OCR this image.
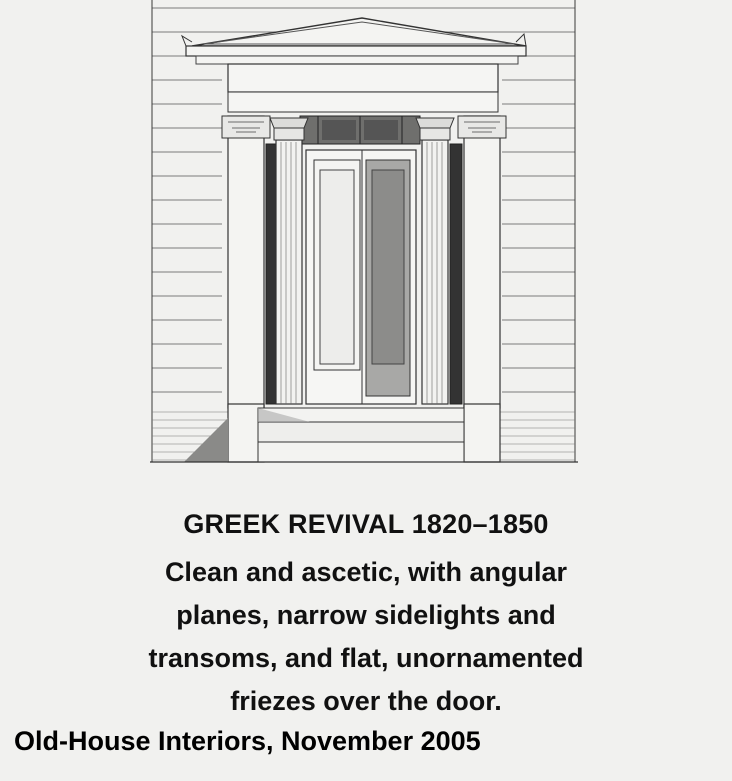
GREEK REVIVAL 1820–1850
Clean and ascetic, with angular
planes, narrow sidelights and
transoms, and flat, unornamented
friezes over the door.
Old-House Interiors, November 2005
